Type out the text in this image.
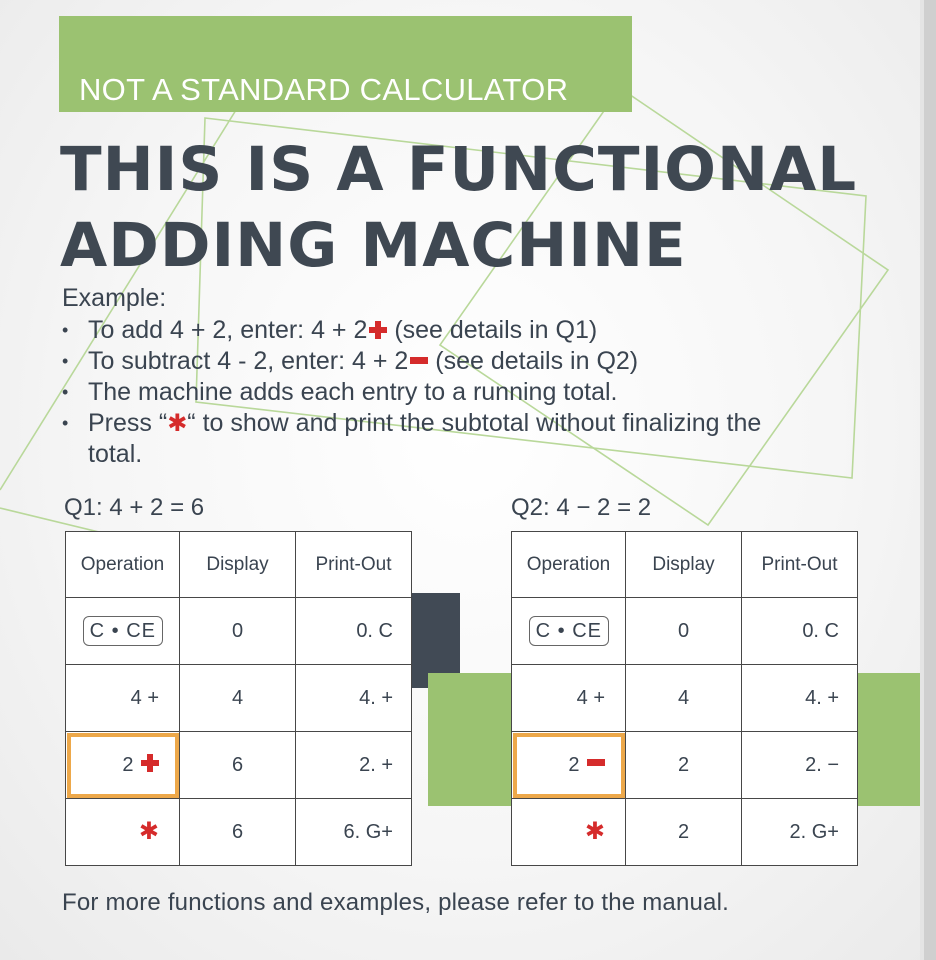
NOT A STANDARD CALCULATOR
THIS IS A FUNCTIONAL
ADDING MACHINE
Example:
• To add 4 + 2, enter: 4 + 2 (see details in Q1)
• To subtract 4 - 2, enter: 4 + 2 (see details in Q2)
• The machine adds each entry to a running total.
• Press “✱“ to show and print the subtotal without finalizing the total.
Q1: 4 + 2 = 6
Operation	Display	Print-Out
C • CE	0	0. C
4 +	4	4. +
2	6	2. +
✱	6	6. G+
Q2: 4 − 2 = 2
Operation	Display	Print-Out
C • CE	0	0. C
4 +	4	4. +
2	2	2. −
✱	2	2. G+
For more functions and examples, please refer to the manual.
